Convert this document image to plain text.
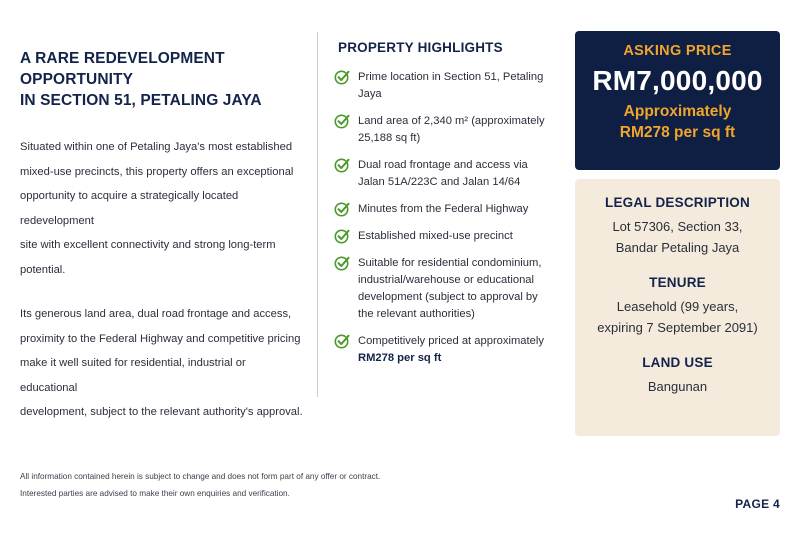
A RARE REDEVELOPMENT OPPORTUNITY
IN SECTION 51, PETALING JAYA
Situated within one of Petaling Jaya's most established
mixed-use precincts, this property offers an exceptional
opportunity to acquire a strategically located redevelopment
site with excellent connectivity and strong long-term potential.
Its generous land area, dual road frontage and access,
proximity to the Federal Highway and competitive pricing
make it well suited for residential, industrial or educational
development, subject to the relevant authority's approval.
PROPERTY HIGHLIGHTS
Prime location in Section 51, Petaling Jaya
Land area of 2,340 m² (approximately 25,188 sq ft)
Dual road frontage and access via
Jalan 51A/223C and Jalan 14/64
Minutes from the Federal Highway
Established mixed-use precinct
Suitable for residential condominium,
industrial/warehouse or educational
development (subject to approval by
the relevant authorities)
Competitively priced at approximately
RM278 per sq ft
ASKING PRICE
RM7,000,000
Approximately
RM278 per sq ft
LEGAL DESCRIPTION
Lot 57306, Section 33,
Bandar Petaling Jaya
TENURE
Leasehold (99 years,
expiring 7 September 2091)
LAND USE
Bangunan
All information contained herein is subject to change and does not form part of any offer or contract.
Interested parties are advised to make their own enquiries and verification.
PAGE 4
